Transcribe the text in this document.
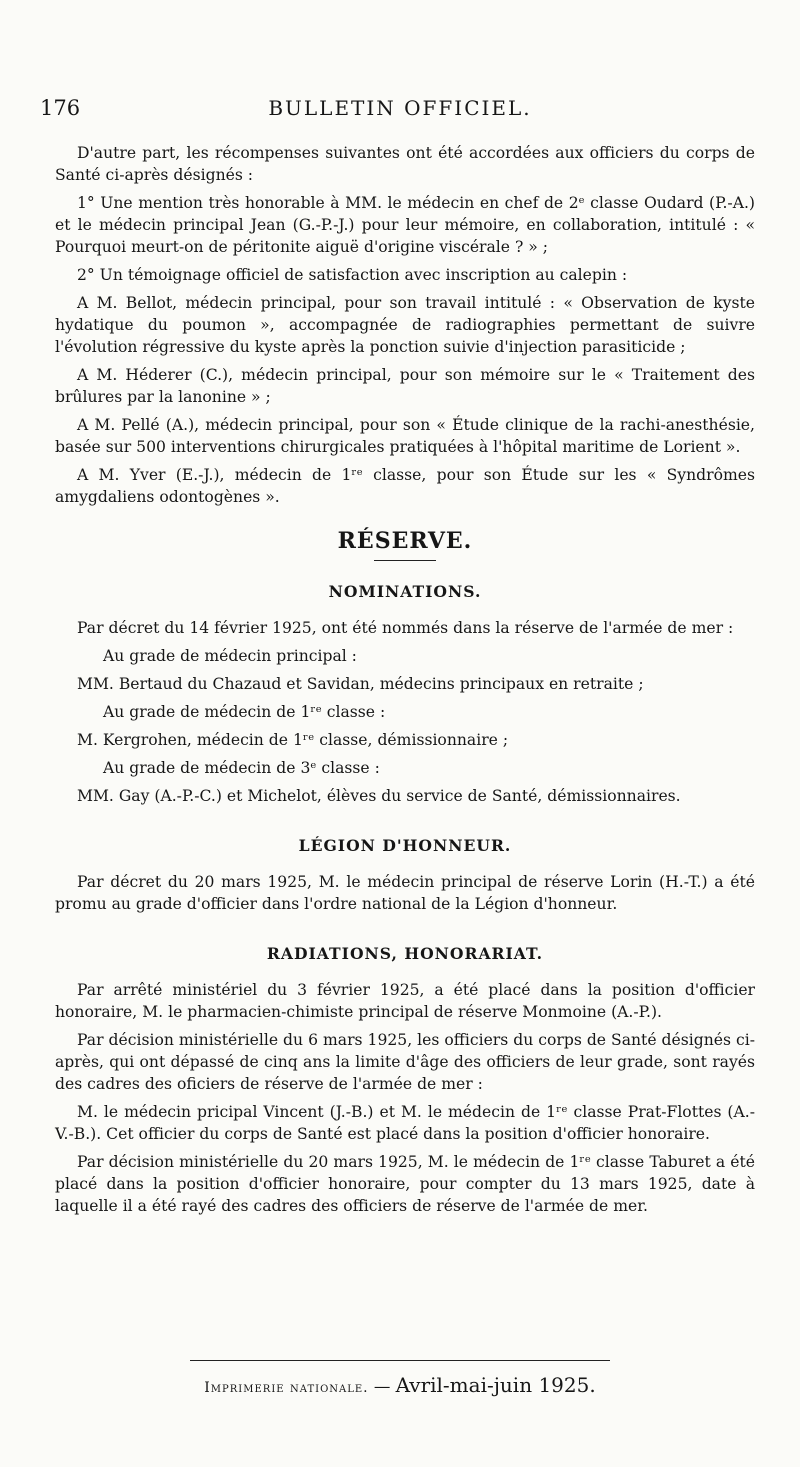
176	BULLETIN OFFICIEL.

D'autre part, les récompenses suivantes ont été accordées aux officiers du corps de Santé ci-après désignés :

1° Une mention très honorable à MM. le médecin en chef de 2ᵉ classe Oudard (P.-A.) et le médecin principal Jean (G.-P.-J.) pour leur mémoire, en collaboration, intitulé : « Pourquoi meurt-on de péritonite aiguë d'origine viscérale ? » ;

2° Un témoignage officiel de satisfaction avec inscription au calepin :

A M. Bellot, médecin principal, pour son travail intitulé : « Observation de kyste hydatique du poumon », accompagnée de radiographies permettant de suivre l'évolution régressive du kyste après la ponction suivie d'injection parasiticide ;

A M. Héderer (C.), médecin principal, pour son mémoire sur le « Traitement des brûlures par la lanonine » ;

A M. Pellé (A.), médecin principal, pour son « Étude clinique de la rachi-anesthésie, basée sur 500 interventions chirurgicales pratiquées à l'hôpital maritime de Lorient ».

A M. Yver (E.-J.), médecin de 1ʳᵉ classe, pour son Étude sur les « Syndrômes amygdaliens odontogènes ».

RÉSERVE.
NOMINATIONS.

Par décret du 14 février 1925, ont été nommés dans la réserve de l'armée de mer :

Au grade de médecin principal :

MM. Bertaud du Chazaud et Savidan, médecins principaux en retraite ;

Au grade de médecin de 1ʳᵉ classe :

M. Kergrohen, médecin de 1ʳᵉ classe, démissionnaire ;

Au grade de médecin de 3ᵉ classe :

MM. Gay (A.-P.-C.) et Michelot, élèves du service de Santé, démissionnaires.

LÉGION D'HONNEUR.

Par décret du 20 mars 1925, M. le médecin principal de réserve Lorin (H.-T.) a été promu au grade d'officier dans l'ordre national de la Légion d'honneur.

RADIATIONS, HONORARIAT.

Par arrêté ministériel du 3 février 1925, a été placé dans la position d'officier honoraire, M. le pharmacien-chimiste principal de réserve Monmoine (A.-P.).

Par décision ministérielle du 6 mars 1925, les officiers du corps de Santé désignés ci-après, qui ont dépassé de cinq ans la limite d'âge des officiers de leur grade, sont rayés des cadres des oficiers de réserve de l'armée de mer :

M. le médecin pricipal Vincent (J.-B.) et M. le médecin de 1ʳᵉ classe Prat-Flottes (A.-V.-B.). Cet officier du corps de Santé est placé dans la position d'officier honoraire.

Par décision ministérielle du 20 mars 1925, M. le médecin de 1ʳᵉ classe Taburet a été placé dans la position d'officier honoraire, pour compter du 13 mars 1925, date à laquelle il a été rayé des cadres des officiers de réserve de l'armée de mer.

Imprimerie nationale. — Avril-mai-juin 1925.
